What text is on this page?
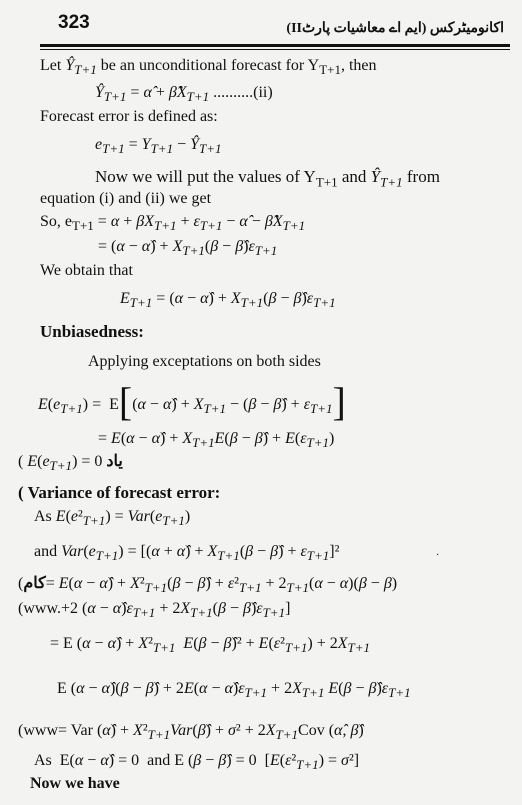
323	اکانومیٹرکس (ایم اے معاشیات پارٹII)
Let $Ŷ_{T+1}$ be an unconditional forecast for $Y_{T+1}$, then
$Ŷ_{T+1}$ = α̂ + $\betâX_{T+1}$ ..........(ii)
Forecast error is defined as:
$e_{T+1} = Y_{T+1}$ − $Ŷ_{T+1}$
Now we will put the values of $Y_{T+1}$ and $Ŷ_{T+1}$ from
equation (i) and (ii) we get
So, $e_{T+1} = \alpha + \beta X_{T+1} + \varepsilon_{T+1}$ − α̂ − $\betâX_{T+1}$
= (α − α̂) + $X_{T+1}(\beta$ − $\betâ)\varepsilon_{T+1}$
We obtain that
$E_{T+1} = (\alpha$ − α̂) + $X_{T+1}(\beta$ − $\betâ)\varepsilon_{T+1}$
Unbiasedness:
Applying exceptations on both sides
$E(e_{T+1}) = E[(\alpha$ − α̂) + $X_{T+1} - (\beta$ − β̂) + $\varepsilon_{T+1}$]
= E(α − α̂) + $X_{T+1}E(\beta$ − β̂) + $E(\varepsilon_{T+1})$
( $E(e_{T+1}) = 0$ یاد
( Variance of forecast error:
As $E(e^2_{T+1}) = Var(e_{T+1})$
and $Var(e_{T+1}) = [(\alpha$ + α̂) + $X_{T+1}(\beta$ − β̂) + $\varepsilon_{T+1}]^2$	·
(کام= E(α − α̂) + $X^2_{T+1}(\beta$ − β̂) + $\varepsilon^2_{T+1} + 2_{T+1}(\alpha - \alpha)(\beta - \beta)$
(www.+2 $(\alpha - \alphâ)\varepsilon_{T+1} + 2X_{T+1}(\beta$ − $\betâ)\varepsilon_{T+1}$]
= E (α − α̂) + $X^2_{T+1}$ E(β − β̂)² + $E(\varepsilon^2_{T+1}) + 2X_{T+1}$
E (α − α̂)(β − β̂) + $2E(\alpha - \alphâ)\varepsilon_{T+1} + 2X_{T+1}$ $E(\beta - \betâ)\varepsilon_{T+1}$
(www= Var (α̂) + $X^2_{T+1}Var(\betâ) + \sigma^2 + 2X_{T+1}Cov$ (α̂, β̂)
As  E(α − α̂) = 0  and E (β − β̂) = 0  $[E(\varepsilon^2_{T+1}) = \sigma^2]$
Now we have
